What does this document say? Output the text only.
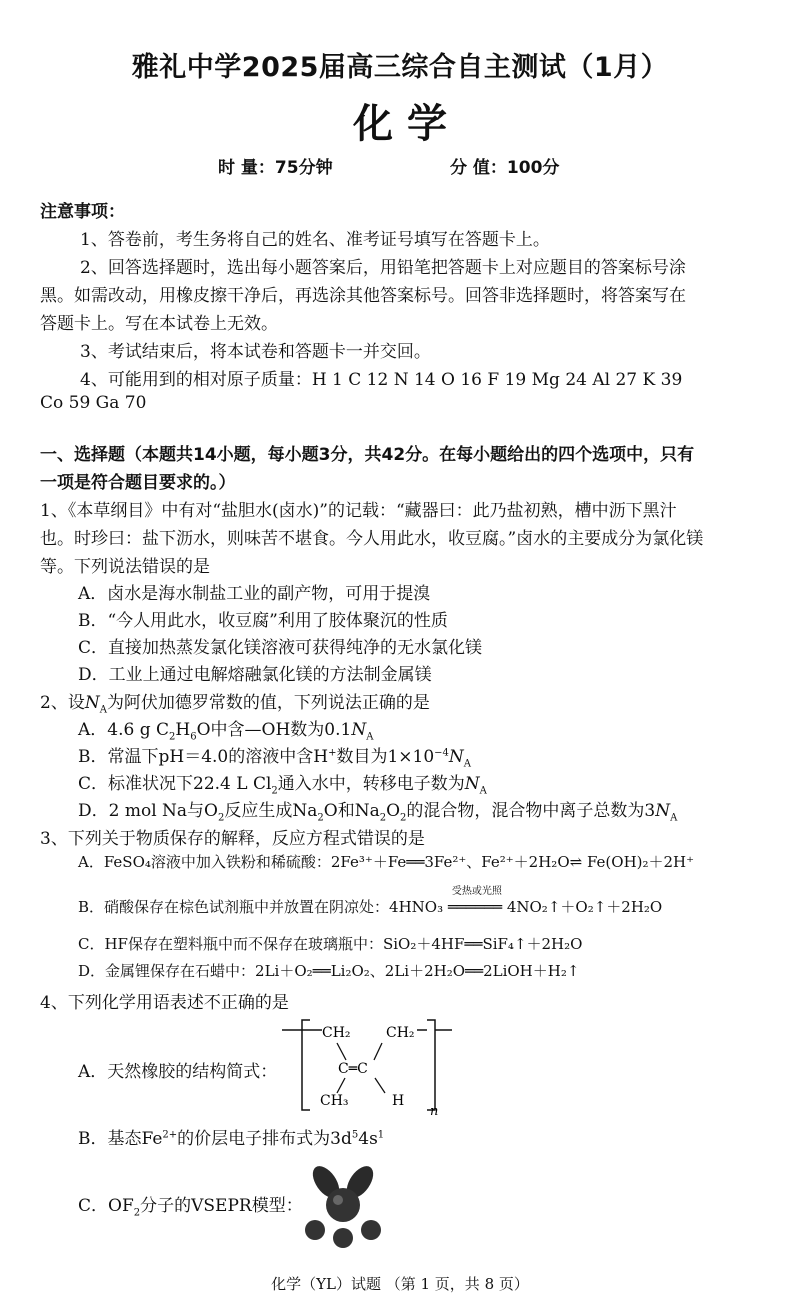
雅礼中学2025届高三综合自主测试（1月）
化 学
时 量：75分钟	分 值：100分
注意事项：
1、答卷前，考生务将自己的姓名、准考证号填写在答题卡上。
2、回答选择题时，选出每小题答案后，用铅笔把答题卡上对应题目的答案标号涂
黑。如需改动，用橡皮擦干净后，再选涂其他答案标号。回答非选择题时，将答案写在
答题卡上。写在本试卷上无效。
3、考试结束后，将本试卷和答题卡一并交回。
4、可能用到的相对原子质量：H 1 C 12 N 14 O 16 F 19 Mg 24 Al 27 K 39
Co 59 Ga 70
一、选择题（本题共14小题，每小题3分，共42分。在每小题给出的四个选项中，只有
一项是符合题目要求的。）
1、《本草纲目》中有对“盐胆水(卤水)”的记载：“藏器曰：此乃盐初熟，槽中沥下黑汁
也。时珍曰：盐下沥水，则味苦不堪食。今人用此水，收豆腐。”卤水的主要成分为氯化镁
等。下列说法错误的是
A．卤水是海水制盐工业的副产物，可用于提溴
B．“今人用此水，收豆腐”利用了胶体聚沉的性质
C．直接加热蒸发氯化镁溶液可获得纯净的无水氯化镁
D．工业上通过电解熔融氯化镁的方法制金属镁
2、设$N_A$为阿伏加德罗常数的值，下列说法正确的是
A．4.6 g $C_2H_6O$中含—OH数为$0.1N_A$
B．常温下pH＝4.0的溶液中含H+数目为$1\times 10^{-4}N_A$
C．标准状况下22.4 L $Cl_2$通入水中，转移电子数为$N_A$
D．2 mol Na与$O_2$反应生成$Na_2O$和$Na_2O_2$的混合物，混合物中离子总数为$3N_A$
3、下列关于物质保存的解释，反应方程式错误的是
A．FeSO₄溶液中加入铁粉和稀硫酸：2Fe³⁺＋Fe══3Fe²⁺、Fe²⁺＋2H₂O⇌ Fe(OH)₂＋2H⁺
B．硝酸保存在棕色试剂瓶中并放置在阴凉处：4HNO₃
受热或光照
══════ 4NO₂↑＋O₂↑＋2H₂O
C．HF保存在塑料瓶中而不保存在玻璃瓶中：SiO₂＋4HF══SiF₄↑＋2H₂O
D．金属锂保存在石蜡中：2Li＋O₂══Li₂O₂、2Li＋2H₂O══2LiOH＋H₂↑
4、下列化学用语表述不正确的是
A．天然橡胶的结构简式：
CH₂	CH₂
C═C
CH₃	H
n
B．基态$Fe^{2+}$的价层电子排布式为$3d^54s^1$
C．$OF_2$分子的VSEPR模型：
化学（YL）试题 （第 1 页，共 8 页）
